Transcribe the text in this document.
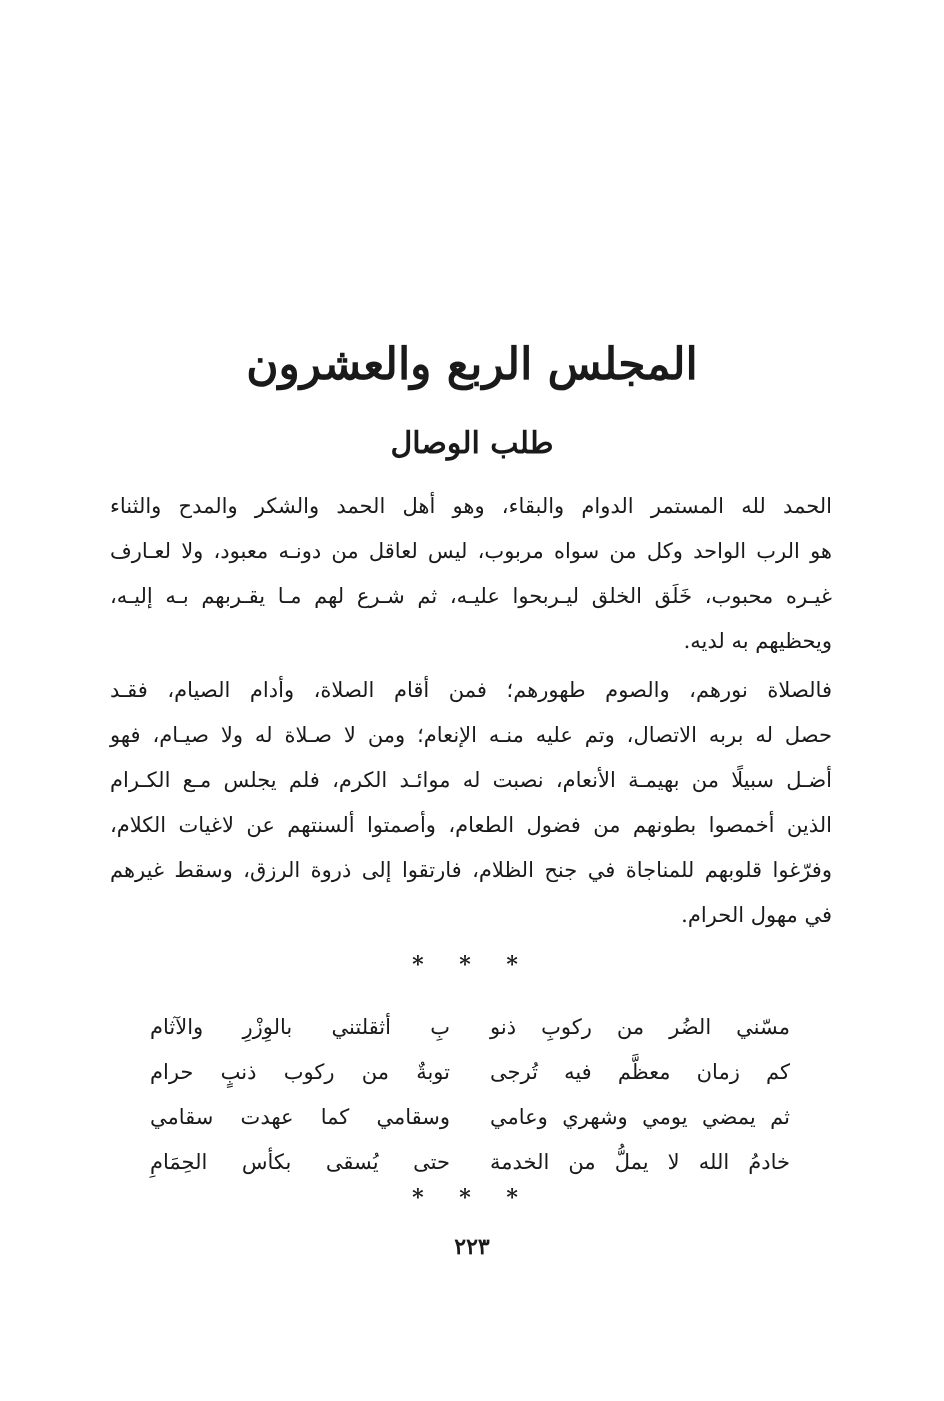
المجلس الربع والعشرون
طلب الوصال
الحمد لله المستمر الدوام والبقاء، وهو أهل الحمد والشكر والمدح والثناء
هو الرب الواحد وكل من سواه مربوب، ليس لعاقل من دونـه معبود، ولا لعـارف
غيـره محبوب، خَلَق الخلق ليـربحوا عليـه، ثم شـرع لهم مـا يقـربهم بـه إليـه،
ويحظيهم به لديه.
فالصلاة نورهم، والصوم طهورهم؛ فمن أقام الصلاة، وأدام الصيام، فقـد
حصل له بربه الاتصال، وتم عليه منـه الإنعام؛ ومن لا صـلاة له ولا صيـام، فهو
أضـل سبيلًا من بهيمـة الأنعام، نصبت له موائـد الكرم، فلم يجلس مـع الكـرام
الذين أخمصوا بطونهم من فضول الطعام، وأصمتوا ألسنتهم عن لاغيات الكلام،
وفرّغوا قلوبهم للمناجاة في جنح الظلام، فارتقوا إلى ذروة الرزق، وسقط غيرهم
في مهول الحرام.
* * *
مسّني الضُر من ركوبِ ذنو
بِ أثقلتني بالوِزْرِ والآثام
كم زمان معظَّم فيه تُرجى
توبةٌ من ركوب ذنبٍ حرام
ثم يمضي يومي وشهري وعامي
وسقامي كما عهدت سقامي
خادمُ الله لا يملُّ من الخدمة
حتى يُسقى بكأس الحِمَامِ
* * *
٢٢٣
